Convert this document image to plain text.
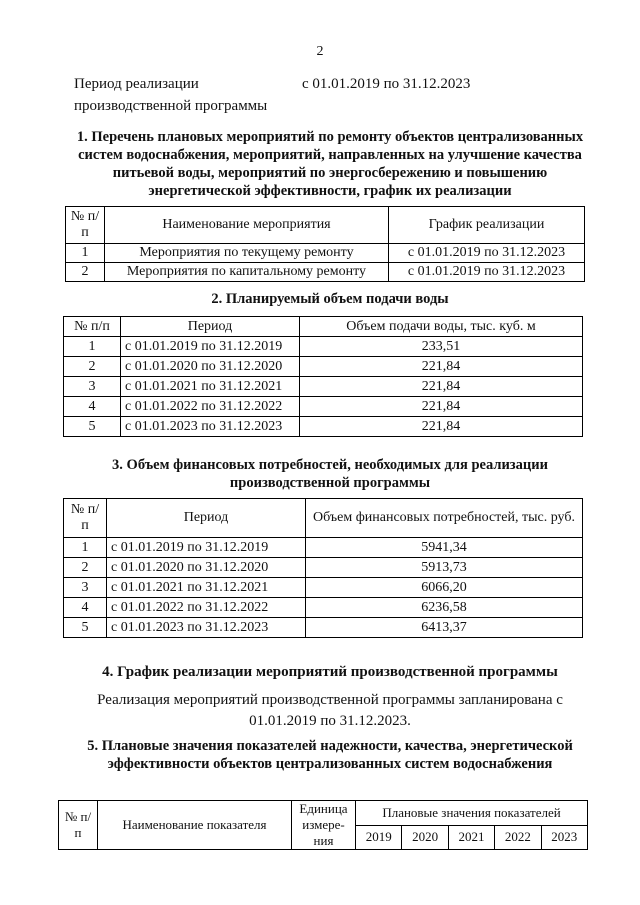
2
Период реализации
производственной программы
с 01.01.2019 по 31.12.2023
1. Перечень плановых мероприятий по ремонту объектов централизованных систем водоснабжения, мероприятий, направленных на улучшение качества питьевой воды, мероприятий по энергосбережению и повышению энергетической эффективности, график их реализации
№ п/п	Наименование мероприятия	График реализации
1	Мероприятия по текущему ремонту	с 01.01.2019 по 31.12.2023
2	Мероприятия по капитальному ремонту	с 01.01.2019 по 31.12.2023
2. Планируемый объем подачи воды
№ п/п	Период	Объем подачи воды, тыс. куб. м
1	с 01.01.2019 по 31.12.2019	233,51
2	с 01.01.2020 по 31.12.2020	221,84
3	с 01.01.2021 по 31.12.2021	221,84
4	с 01.01.2022 по 31.12.2022	221,84
5	с 01.01.2023 по 31.12.2023	221,84
3. Объем финансовых потребностей, необходимых для реализации производственной программы
№ п/п	Период	Объем финансовых потребностей, тыс. руб.
1	с 01.01.2019 по 31.12.2019	5941,34
2	с 01.01.2020 по 31.12.2020	5913,73
3	с 01.01.2021 по 31.12.2021	6066,20
4	с 01.01.2022 по 31.12.2022	6236,58
5	с 01.01.2023 по 31.12.2023	6413,37
4. График реализации мероприятий производственной программы
Реализация мероприятий производственной программы запланирована с 01.01.2019 по 31.12.2023.
5. Плановые значения показателей надежности, качества, энергетической эффективности объектов централизованных систем водоснабжения
№ п/п	Наименование показателя	Единица измере-ния	Плановые значения показателей				
			2019	2020	2021	2022	2023
